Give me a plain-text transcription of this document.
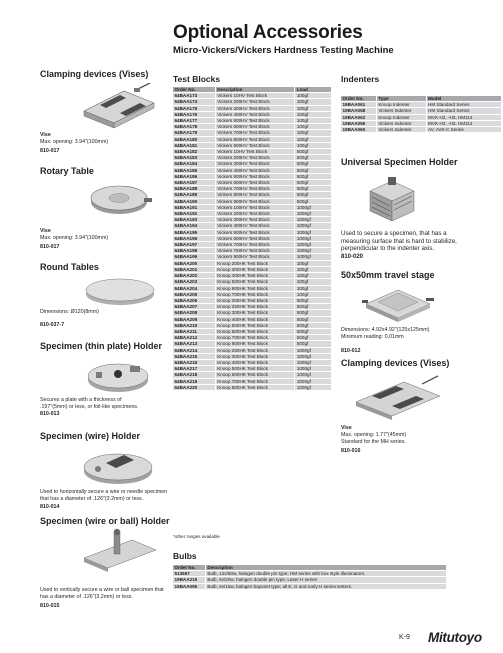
Optional Accessories
Micro-Vickers/Vickers Hardness Testing Machine
Clamping devices (Vises)
Vise
Max. opening: 3.94"(100mm)
810-017
Rotary Table
Vise
Max. opening: 3.94"(100mm)
810-017
Round Tables
Dimensions: Ø120(8mm)
810-037-7
Specimen (thin plate) Holder
Secures a plate with a thickness of
.197"(5mm) or less, or foil-like specimens.
810-013
Specimen (wire) Holder
Used to horizontally secure a wire or needle specimen
that has a diameter of .126"(3.2mm) or less.
810-014
Specimen (wire or ball) Holder
Used to vertically secure a wire or ball specimen that
has a diameter of .126"(3.2mm) or less.
810-015
Test Blocks
Order No.	Description	Load
64BAA173	Vickers 10HV Test Block	100gf
64BAA174	Vickers 200HV Test Block	100gf
64BAA175	Vickers 300HV Test Block	100gf
64BAA176	Vickers 400HV Test Block	100gf
64BAA177	Vickers 500HV Test Block	100gf
64BAA178	Vickers 600HV Test Block	100gf
64BAA179	Vickers 700HV Test Block	100gf
64BAA180	Vickers 800HV Test Block	100gf
64BAA181	Vickers 900HV Test Block	100gf
64BAA182	Vickers 10HV Test Block	500gf
64BAA183	Vickers 200HV Test Block	500gf
64BAA184	Vickers 300HV Test Block	500gf
64BAA185	Vickers 400HV Test Block	500gf
64BAA186	Vickers 500HV Test Block	500gf
64BAA187	Vickers 600HV Test Block	500gf
64BAA188	Vickers 700HV Test Block	500gf
64BAA189	Vickers 800HV Test Block	500gf
64BAA190	Vickers 900HV Test Block	500gf
64BAA191	Vickers 100HV Test Block	1000gf
64BAA192	Vickers 200HV Test Block	1000gf
64BAA193	Vickers 300HV Test Block	1000gf
64BAA194	Vickers 400HV Test Block	1000gf
64BAA195	Vickers 500HV Test Block	1000gf
64BAA196	Vickers 600HV Test Block	1000gf
64BAA197	Vickers 700HV Test Block	1000gf
64BAA198	Vickers 750HV Test Block	1000gf
64BAA199	Vickers 900HV Test Block	1000gf
64BAA200	Knoop 200HK Test Block	100gf
64BAA201	Knoop 300HK Test Block	100gf
64BAA202	Knoop 400HK Test Block	100gf
64BAA203	Knoop 500HK Test Block	100gf
64BAA204	Knoop 600HK Test Block	100gf
64BAA205	Knoop 700HK Test Block	100gf
64BAA206	Knoop 200HK Test Block	500gf
64BAA207	Knoop 250HK Test Block	500gf
64BAA208	Knoop 300HK Test Block	500gf
64BAA209	Knoop 400HK Test Block	500gf
64BAA210	Knoop 500HK Test Block	500gf
64BAA211	Knoop 600HK Test Block	500gf
64BAA212	Knoop 700HK Test Block	500gf
64BAA213	Knoop 800HK Test Block	500gf
64BAA214	Knoop 250HK Test Block	1000gf
64BAA215	Knoop 300HK Test Block	1000gf
64BAA216	Knoop 400HK Test Block	1000gf
64BAA217	Knoop 500HK Test Block	1000gf
64BAA218	Knoop 600HK Test Block	1000gf
64BAA219	Knoop 700HK Test Block	1000gf
64BAA220	Knoop 800HK Test Block	1000gf
*other ranges available
Indenters
Order No.	Type	Model
19BAA061	Knoop Indenter	HM Standard Series
19BAA058	Vickers Indenter	HM Standard Series
19BAA062	Knoop Indenter	MVK-H2, -H3, HM114
19BAA059	Vickers Indenter	MVK-H2, -H3, HM114
19BAA060	Vickers Indenter	AV, AVK-C Series
Universal Specimen Holder
Used to secure a specimen, that has a
measuring surface that is hard to stabilize,
perpendicular to the indenter axis.
810-020
50x50mm travel stage
Dimensions: 4.92x4.92"(125x125mm)
Minimum reading: 0.01mm
810-012
Clamping devices (Vises)
Vise
Max. opening: 1.77"(45mm)
Standard for the MH series.
810-016
Bulbs
Order No.	Description
513667	Bulb, 12v/50w, halogen double pin type; HM series with box style illuminators.
19BAA219	Bulb, 6v/20w, halogen double pin type; Laser H series
19BAA095	Bulb, 6v/15w, halogen bayonet type; all E, G and early H series testers.
K-9 Mitutoyo
